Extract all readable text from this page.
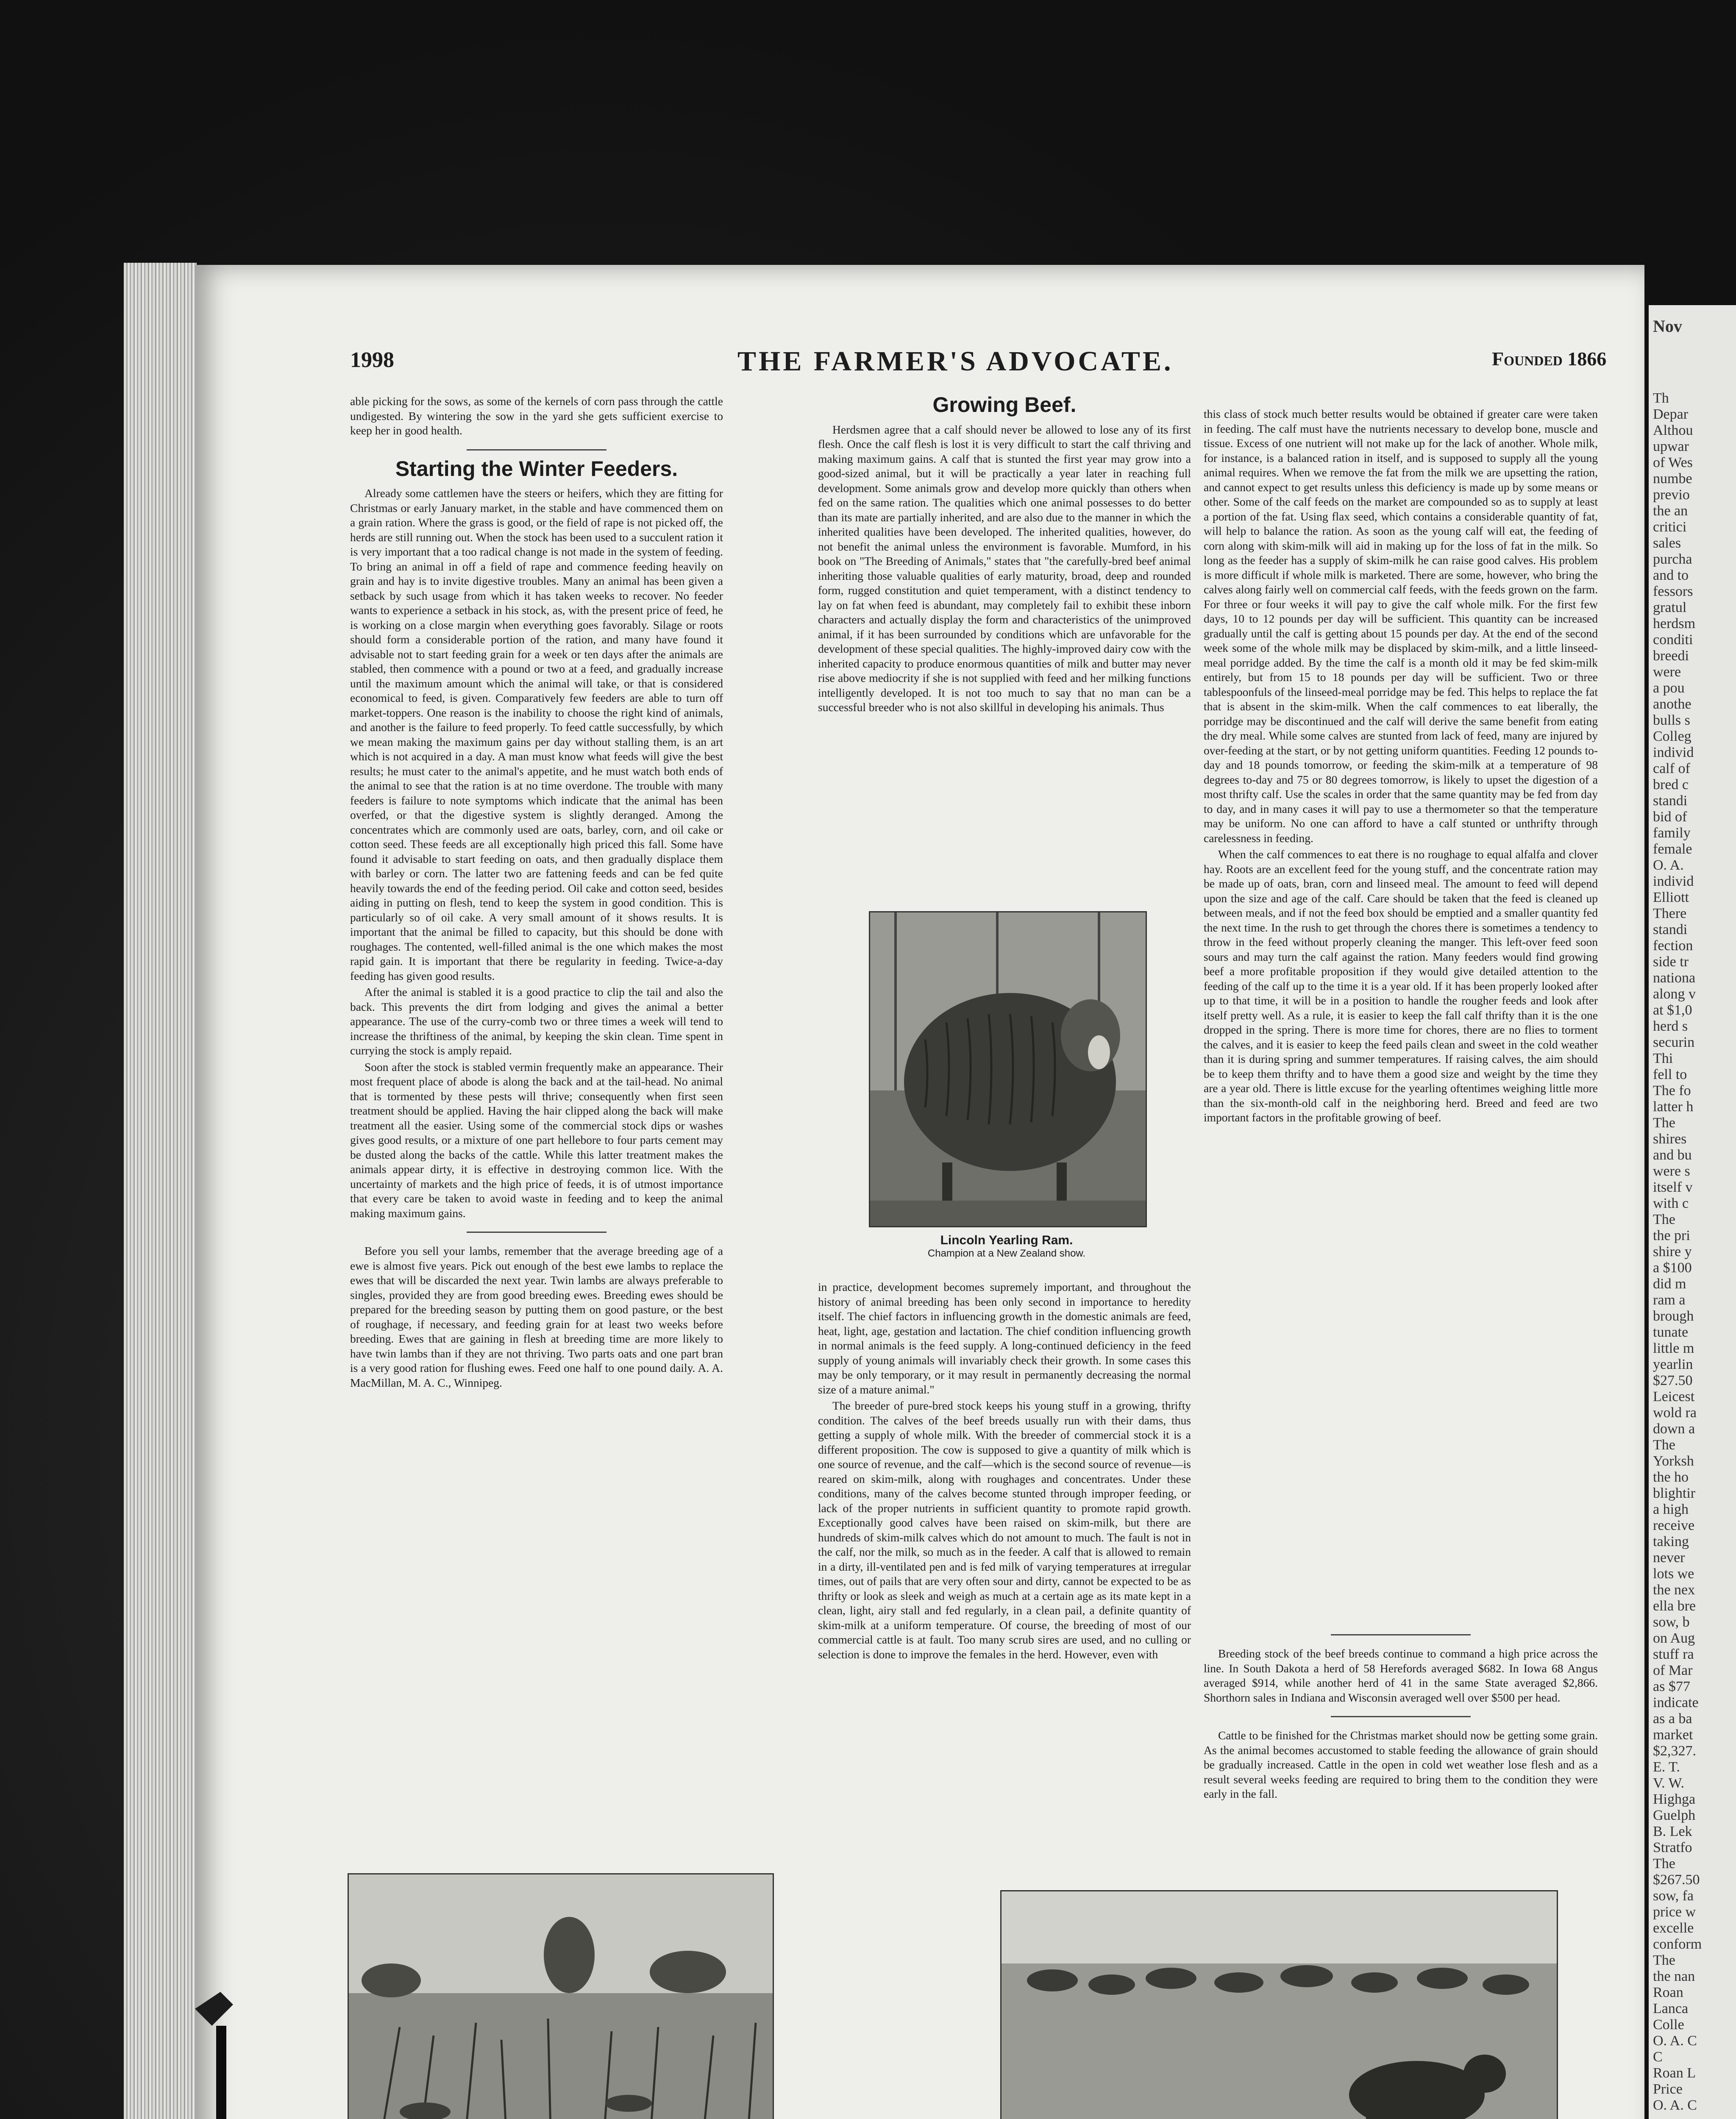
Nov
Th
Depar
Althou
upwar
of Wes
numbe
previo
the an
critici
sales
purcha
and to
fessors
gratul
herdsm
conditi
breedi
were
a pou
anothe
bulls s
Colleg
individ
calf of
bred c
standi
bid of
family
female
O. A.
individ
Elliott
There
standi
fection
side tr
nationa
along v
at $1,0
herd s
securin
Thi
fell to
The fo
latter h
The
shires
and bu
were s
itself v
with c
The
the pri
shire y
a $100
did m
ram a
brough
tunate
little m
yearlin
$27.50
Leicest
wold ra
down a
The
Yorksh
the ho
blightir
a high
receive
taking
never
lots we
the nex
ella bre
sow, b
on Aug
stuff ra
of Mar
as $77
indicate
as a ba
market
$2,327.
E. T.
V. W.
Highga
Guelph
B. Lek
Stratfo
The
$267.50
sow, fa
price w
excelle
conform
The
the nan
Roan
Lanca
Colle
O. A. C
C
Roan L
Price
O. A. C
1998	THE FARMER'S ADVOCATE.	Founded 1866

able picking for the sows, as some of the kernels of corn pass through the cattle undigested. By wintering the sow in the yard she gets sufficient exercise to keep her in good health.

Starting the Winter Feeders.

Already some cattlemen have the steers or heifers, which they are fitting for Christmas or early January market, in the stable and have commenced them on a grain ration. Where the grass is good, or the field of rape is not picked off, the herds are still running out. When the stock has been used to a succulent ration it is very important that a too radical change is not made in the system of feeding. To bring an animal in off a field of rape and commence feeding heavily on grain and hay is to invite digestive troubles. Many an animal has been given a setback by such usage from which it has taken weeks to recover. No feeder wants to experience a setback in his stock, as, with the present price of feed, he is working on a close margin when everything goes favorably. Silage or roots should form a considerable portion of the ration, and many have found it advisable not to start feeding grain for a week or ten days after the animals are stabled, then commence with a pound or two at a feed, and gradually increase until the maximum amount which the animal will take, or that is considered economical to feed, is given. Comparatively few feeders are able to turn off market-toppers. One reason is the inability to choose the right kind of animals, and another is the failure to feed properly. To feed cattle successfully, by which we mean making the maximum gains per day without stalling them, is an art which is not acquired in a day. A man must know what feeds will give the best results; he must cater to the animal's appetite, and he must watch both ends of the animal to see that the ration is at no time overdone. The trouble with many feeders is failure to note symptoms which indicate that the animal has been overfed, or that the digestive system is slightly deranged. Among the concentrates which are commonly used are oats, barley, corn, and oil cake or cotton seed. These feeds are all exceptionally high priced this fall. Some have found it advisable to start feeding on oats, and then gradually displace them with barley or corn. The latter two are fattening feeds and can be fed quite heavily towards the end of the feeding period. Oil cake and cotton seed, besides aiding in putting on flesh, tend to keep the system in good condition. This is particularly so of oil cake. A very small amount of it shows results. It is important that the animal be filled to capacity, but this should be done with roughages. The contented, well-filled animal is the one which makes the most rapid gain. It is important that there be regularity in feeding. Twice-a-day feeding has given good results.

After the animal is stabled it is a good practice to clip the tail and also the back. This prevents the dirt from lodging and gives the animal a better appearance. The use of the curry-comb two or three times a week will tend to increase the thriftiness of the animal, by keeping the skin clean. Time spent in currying the stock is amply repaid.

Soon after the stock is stabled vermin frequently make an appearance. Their most frequent place of abode is along the back and at the tail-head. No animal that is tormented by these pests will thrive; consequently when first seen treatment should be applied. Having the hair clipped along the back will make treatment all the easier. Using some of the commercial stock dips or washes gives good results, or a mixture of one part hellebore to four parts cement may be dusted along the backs of the cattle. While this latter treatment makes the animals appear dirty, it is effective in destroying common lice. With the uncertainty of markets and the high price of feeds, it is of utmost importance that every care be taken to avoid waste in feeding and to keep the animal making maximum gains.

Before you sell your lambs, remember that the average breeding age of a ewe is almost five years. Pick out enough of the best ewe lambs to replace the ewes that will be discarded the next year. Twin lambs are always preferable to singles, provided they are from good breeding ewes. Breeding ewes should be prepared for the breeding season by putting them on good pasture, or the best of roughage, if necessary, and feeding grain for at least two weeks before breeding. Ewes that are gaining in flesh at breeding time are more likely to have twin lambs than if they are not thriving. Two parts oats and one part bran is a very good ration for flushing ewes. Feed one half to one pound daily. A. A. MacMillan, M. A. C., Winnipeg.

Growing Beef.

Herdsmen agree that a calf should never be allowed to lose any of its first flesh. Once the calf flesh is lost it is very difficult to start the calf thriving and making maximum gains. A calf that is stunted the first year may grow into a good-sized animal, but it will be practically a year later in reaching full development. Some animals grow and develop more quickly than others when fed on the same ration. The qualities which one animal possesses to do better than its mate are partially inherited, and are also due to the manner in which the inherited qualities have been developed. The inherited qualities, however, do not benefit the animal unless the environment is favorable. Mumford, in his book on "The Breeding of Animals," states that "the carefully-bred beef animal inheriting those valuable qualities of early maturity, broad, deep and rounded form, rugged constitution and quiet temperament, with a distinct tendency to lay on fat when feed is abundant, may completely fail to exhibit these inborn characters and actually display the form and characteristics of the unimproved animal, if it has been surrounded by conditions which are unfavorable for the development of these special qualities. The highly-improved dairy cow with the inherited capacity to produce enormous quantities of milk and butter may never rise above mediocrity if she is not supplied with feed and her milking functions intelligently developed. It is not too much to say that no man can be a successful breeder who is not also skillful in developing his animals. Thus

Lincoln Yearling Ram.
Champion at a New Zealand show.

in practice, development becomes supremely important, and throughout the history of animal breeding has been only second in importance to heredity itself. The chief factors in influencing growth in the domestic animals are feed, heat, light, age, gestation and lactation. The chief condition influencing growth in normal animals is the feed supply. A long-continued deficiency in the feed supply of young animals will invariably check their growth. In some cases this may be only temporary, or it may result in permanently decreasing the normal size of a mature animal."

The breeder of pure-bred stock keeps his young stuff in a growing, thrifty condition. The calves of the beef breeds usually run with their dams, thus getting a supply of whole milk. With the breeder of commercial stock it is a different proposition. The cow is supposed to give a quantity of milk which is one source of revenue, and the calf—which is the second source of revenue—is reared on skim-milk, along with roughages and concentrates. Under these conditions, many of the calves become stunted through improper feeding, or lack of the proper nutrients in sufficient quantity to promote rapid growth. Exceptionally good calves have been raised on skim-milk, but there are hundreds of skim-milk calves which do not amount to much. The fault is not in the calf, nor the milk, so much as in the feeder. A calf that is allowed to remain in a dirty, ill-ventilated pen and is fed milk of varying temperatures at irregular times, out of pails that are very often sour and dirty, cannot be expected to be as thrifty or look as sleek and weigh as much at a certain age as its mate kept in a clean, light, airy stall and fed regularly, in a clean pail, a definite quantity of skim-milk at a uniform temperature. Of course, the breeding of most of our commercial cattle is at fault. Too many scrub sires are used, and no culling or selection is done to improve the females in the herd. However, even with

this class of stock much better results would be obtained if greater care were taken in feeding. The calf must have the nutrients necessary to develop bone, muscle and tissue. Excess of one nutrient will not make up for the lack of another. Whole milk, for instance, is a balanced ration in itself, and is supposed to supply all the young animal requires. When we remove the fat from the milk we are upsetting the ration, and cannot expect to get results unless this deficiency is made up by some means or other. Some of the calf feeds on the market are compounded so as to supply at least a portion of the fat. Using flax seed, which contains a considerable quantity of fat, will help to balance the ration. As soon as the young calf will eat, the feeding of corn along with skim-milk will aid in making up for the loss of fat in the milk. So long as the feeder has a supply of skim-milk he can raise good calves. His problem is more difficult if whole milk is marketed. There are some, however, who bring the calves along fairly well on commercial calf feeds, with the feeds grown on the farm. For three or four weeks it will pay to give the calf whole milk. For the first few days, 10 to 12 pounds per day will be sufficient. This quantity can be increased gradually until the calf is getting about 15 pounds per day. At the end of the second week some of the whole milk may be displaced by skim-milk, and a little linseed-meal porridge added. By the time the calf is a month old it may be fed skim-milk entirely, but from 15 to 18 pounds per day will be sufficient. Two or three tablespoonfuls of the linseed-meal porridge may be fed. This helps to replace the fat that is absent in the skim-milk. When the calf commences to eat liberally, the porridge may be discontinued and the calf will derive the same benefit from eating the dry meal. While some calves are stunted from lack of feed, many are injured by over-feeding at the start, or by not getting uniform quantities. Feeding 12 pounds to-day and 18 pounds tomorrow, or feeding the skim-milk at a temperature of 98 degrees to-day and 75 or 80 degrees tomorrow, is likely to upset the digestion of a most thrifty calf. Use the scales in order that the same quantity may be fed from day to day, and in many cases it will pay to use a thermometer so that the temperature may be uniform. No one can afford to have a calf stunted or unthrifty through carelessness in feeding.

When the calf commences to eat there is no roughage to equal alfalfa and clover hay. Roots are an excellent feed for the young stuff, and the concentrate ration may be made up of oats, bran, corn and linseed meal. The amount to feed will depend upon the size and age of the calf. Care should be taken that the feed is cleaned up between meals, and if not the feed box should be emptied and a smaller quantity fed the next time. In the rush to get through the chores there is sometimes a tendency to throw in the feed without properly cleaning the manger. This left-over feed soon sours and may turn the calf against the ration. Many feeders would find growing beef a more profitable proposition if they would give detailed attention to the feeding of the calf up to the time it is a year old. If it has been properly looked after up to that time, it will be in a position to handle the rougher feeds and look after itself pretty well. As a rule, it is easier to keep the fall calf thrifty than it is the one dropped in the spring. There is more time for chores, there are no flies to torment the calves, and it is easier to keep the feed pails clean and sweet in the cold weather than it is during spring and summer temperatures. If raising calves, the aim should be to keep them thrifty and to have them a good size and weight by the time they are a year old. There is little excuse for the yearling oftentimes weighing little more than the six-month-old calf in the neighboring herd. Breed and feed are two important factors in the profitable growing of beef.

Breeding stock of the beef breeds continue to command a high price across the line. In South Dakota a herd of 58 Herefords averaged $682. In Iowa 68 Angus averaged $914, while another herd of 41 in the same State averaged $2,866. Shorthorn sales in Indiana and Wisconsin averaged well over $500 per head.

Cattle to be finished for the Christmas market should now be getting some grain. As the animal becomes accustomed to stable feeding the allowance of grain should be gradually increased. Cattle in the open in cold wet weather lose flesh and as a result several weeks feeding are required to bring them to the condition they were early in the fall.
